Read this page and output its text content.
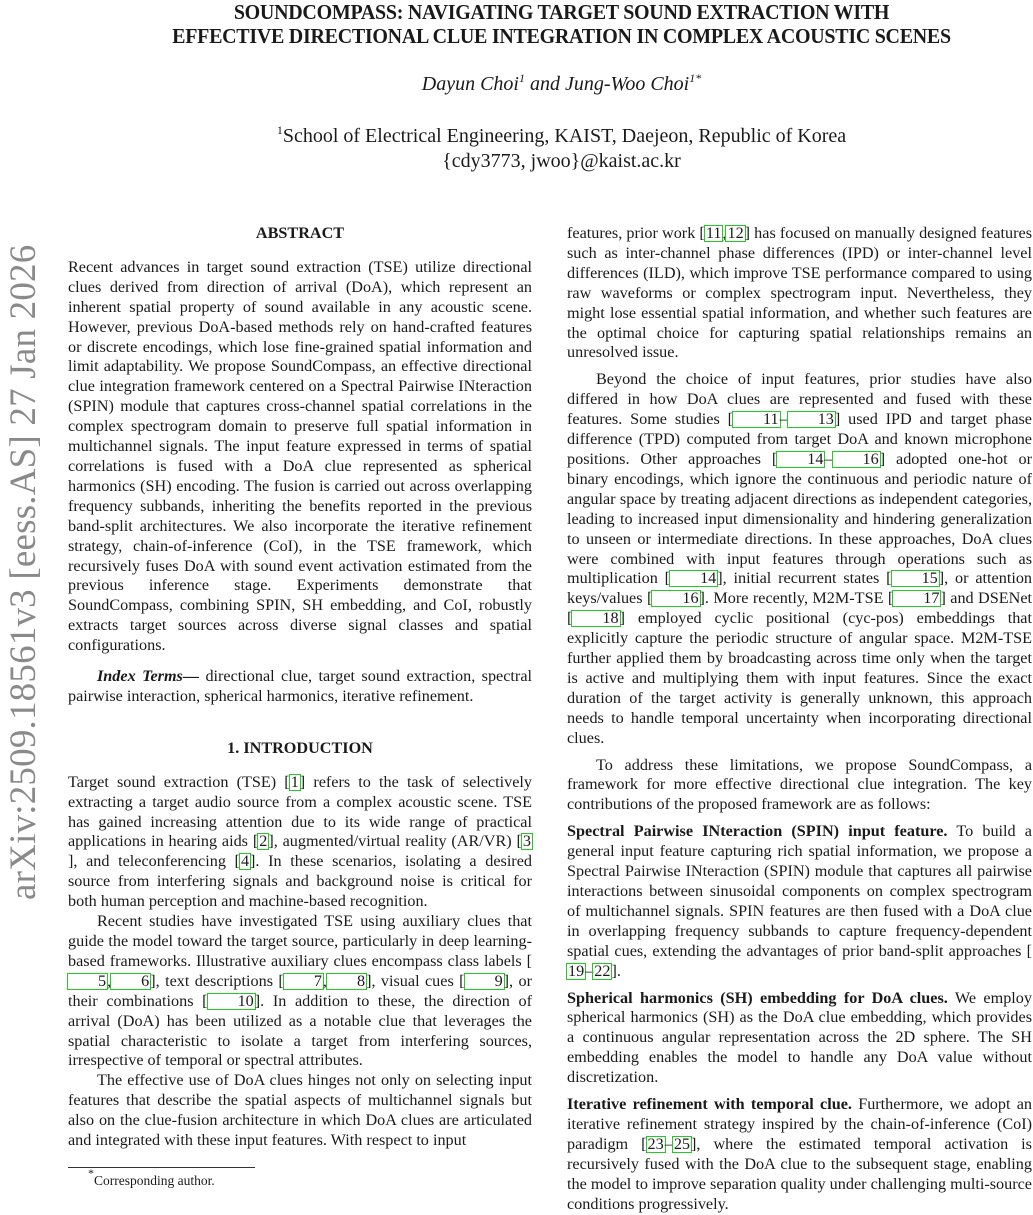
SOUNDCOMPASS: NAVIGATING TARGET SOUND EXTRACTION WITH
EFFECTIVE DIRECTIONAL CLUE INTEGRATION IN COMPLEX ACOUSTIC SCENES
Dayun Choi$^1$ and Jung-Woo Choi$^{1*}$
$^1$School of Electrical Engineering, KAIST, Daejeon, Republic of Korea
{cdy3773, jwoo}@kaist.ac.kr
arXiv:2509.18561v3 [eess.AS] 27 Jan 2026
ABSTRACT

Recent advances in target sound extraction (TSE) utilize directional clues derived from direction of arrival (DoA), which represent an inherent spatial property of sound available in any acoustic scene. However, previous DoA-based methods rely on hand-crafted features or discrete encodings, which lose fine-grained spatial information and limit adaptability. We propose SoundCompass, an effective directional clue integration framework centered on a Spectral Pairwise INteraction (SPIN) module that captures cross-channel spatial correlations in the complex spectrogram domain to preserve full spatial information in multichannel signals. The input feature expressed in terms of spatial correlations is fused with a DoA clue represented as spherical harmonics (SH) encoding. The fusion is carried out across overlapping frequency subbands, inheriting the benefits reported in the previous band-split architectures. We also incorporate the iterative refinement strategy, chain-of-inference (CoI), in the TSE framework, which recursively fuses DoA with sound event activation estimated from the previous inference stage. Experiments demonstrate that SoundCompass, combining SPIN, SH embedding, and CoI, robustly extracts target sources across diverse signal classes and spatial configurations.

Index Terms— directional clue, target sound extraction, spectral pairwise interaction, spherical harmonics, iterative refinement.

1. INTRODUCTION

Target sound extraction (TSE) [1] refers to the task of selectively extracting a target audio source from a complex acoustic scene. TSE has gained increasing attention due to its wide range of practical applications in hearing aids [2], augmented/virtual reality (AR/VR) [3], and teleconferencing [4]. In these scenarios, isolating a desired source from interfering signals and background noise is critical for both human perception and machine-based recognition.

Recent studies have investigated TSE using auxiliary clues that guide the model toward the target source, particularly in deep learning-based frameworks. Illustrative auxiliary clues encompass class labels [5, 6], text descriptions [ 7, 8], visual cues [ 9], or their combinations [ 10]. In addition to these, the direction of arrival (DoA) has been utilized as a notable clue that leverages the spatial characteristic to isolate a target from interfering sources, irrespective of temporal or spectral attributes.

The effective use of DoA clues hinges not only on selecting input features that describe the spatial aspects of multichannel signals but also on the clue-fusion architecture in which DoA clues are articulated and integrated with these input features. With respect to input

*Corresponding author.

features, prior work [11,12] has focused on manually designed features such as inter-channel phase differences (IPD) or inter-channel level differences (ILD), which improve TSE performance compared to using raw waveforms or complex spectrogram input. Nevertheless, they might lose essential spatial information, and whether such features are the optimal choice for capturing spatial relationships remains an unresolved issue.

Beyond the choice of input features, prior studies have also differed in how DoA clues are represented and fused with these features. Some studies [ 11– 13] used IPD and target phase difference (TPD) computed from target DoA and known microphone positions. Other approaches [ 14– 16] adopted one-hot or binary encodings, which ignore the continuous and periodic nature of angular space by treating adjacent directions as independent categories, leading to increased input dimensionality and hindering generalization to unseen or intermediate directions. In these approaches, DoA clues were combined with input features through operations such as multiplication [ 14], initial recurrent states [ 15], or attention keys/values [ 16]. More recently, M2M-TSE [ 17] and DSENet [ 18] employed cyclic positional (cyc-pos) embeddings that explicitly capture the periodic structure of angular space. M2M-TSE further applied them by broadcasting across time only when the target is active and multiplying them with input features. Since the exact duration of the target activity is generally unknown, this approach needs to handle temporal uncertainty when incorporating directional clues.

To address these limitations, we propose SoundCompass, a framework for more effective directional clue integration. The key contributions of the proposed framework are as follows:

Spectral Pairwise INteraction (SPIN) input feature. To build a general input feature capturing rich spatial information, we propose a Spectral Pairwise INteraction (SPIN) module that captures all pairwise interactions between sinusoidal components on complex spectrogram of multichannel signals. SPIN features are then fused with a DoA clue in overlapping frequency subbands to capture frequency-dependent spatial cues, extending the advantages of prior band-split approaches [19–22].

Spherical harmonics (SH) embedding for DoA clues. We employ spherical harmonics (SH) as the DoA clue embedding, which provides a continuous angular representation across the 2D sphere. The SH embedding enables the model to handle any DoA value without discretization.

Iterative refinement with temporal clue. Furthermore, we adopt an iterative refinement strategy inspired by the chain-of-inference (CoI) paradigm [23–25], where the estimated temporal activation is recursively fused with the DoA clue to the subsequent stage, enabling the model to improve separation quality under challenging multi-source conditions progressively.
